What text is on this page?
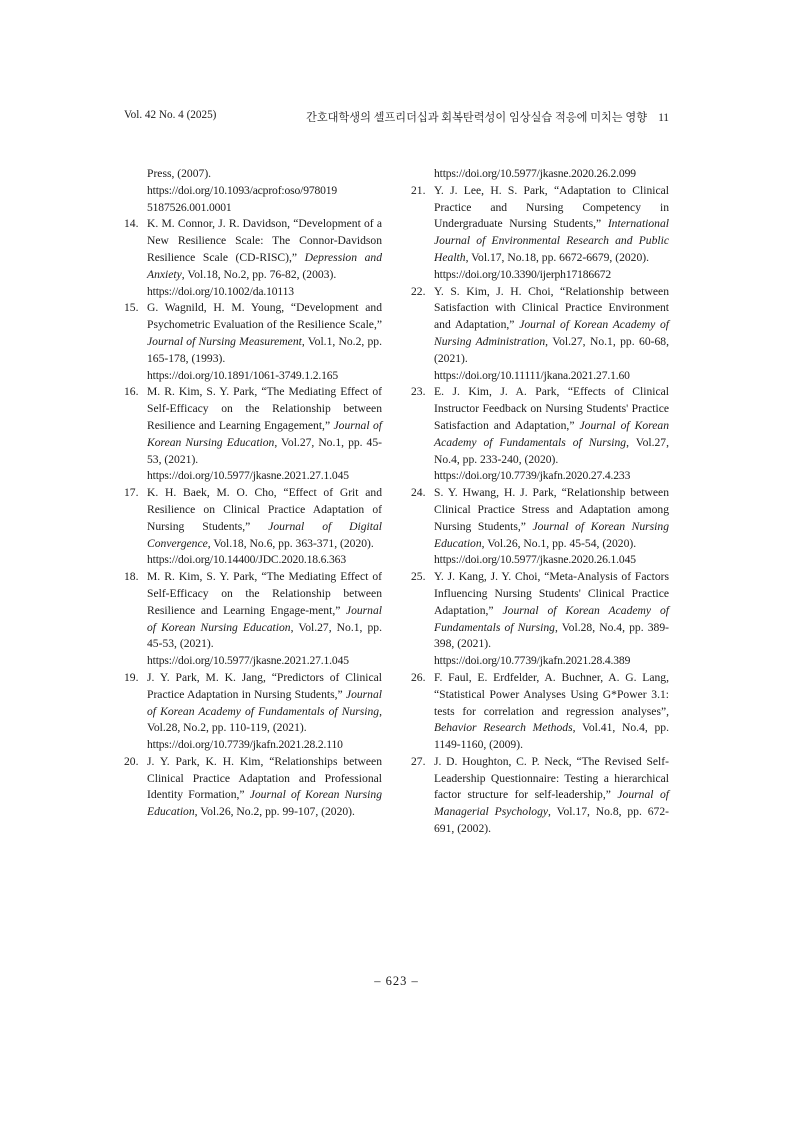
Vol. 42 No. 4 (2025)	간호대학생의 셀프리더십과 회복탄력성이 임상실습 적응에 미치는 영향 11
Press, (2007).
https://doi.org/10.1093/acprof:oso/978019 5187526.001.0001
14. K. M. Connor, J. R. Davidson, “Development of a New Resilience Scale: The Connor-Davidson Resilience Scale (CD-RISC),” Depression and Anxiety, Vol.18, No.2, pp. 76-82, (2003).
https://doi.org/10.1002/da.10113
15. G. Wagnild, H. M. Young, “Development and Psychometric Evaluation of the Resilience Scale,” Journal of Nursing Measurement, Vol.1, No.2, pp. 165-178, (1993).
https://doi.org/10.1891/1061-3749.1.2.165
16. M. R. Kim, S. Y. Park, “The Mediating Effect of Self-Efficacy on the Relationship between Resilience and Learning Engagement,” Journal of Korean Nursing Education, Vol.27, No.1, pp. 45-53, (2021).
https://doi.org/10.5977/jkasne.2021.27.1.045
17. K. H. Baek, M. O. Cho, “Effect of Grit and Resilience on Clinical Practice Adaptation of Nursing Students,” Journal of Digital Convergence, Vol.18, No.6, pp. 363-371, (2020).
https://doi.org/10.14400/JDC.2020.18.6.363
18. M. R. Kim, S. Y. Park, “The Mediating Effect of Self-Efficacy on the Relationship between Resilience and Learning Engage-ment,” Journal of Korean Nursing Education, Vol.27, No.1, pp. 45-53, (2021).
https://doi.org/10.5977/jkasne.2021.27.1.045
19. J. Y. Park, M. K. Jang, “Predictors of Clinical Practice Adaptation in Nursing Students,” Journal of Korean Academy of Fundamentals of Nursing, Vol.28, No.2, pp. 110-119, (2021).
https://doi.org/10.7739/jkafn.2021.28.2.110
20. J. Y. Park, K. H. Kim, “Relationships between Clinical Practice Adaptation and Professional Identity Formation,” Journal of Korean Nursing Education, Vol.26, No.2, pp. 99-107, (2020).
https://doi.org/10.5977/jkasne.2020.26.2.099
21. Y. J. Lee, H. S. Park, “Adaptation to Clinical Practice and Nursing Competency in Undergraduate Nursing Students,” International Journal of Environmental Research and Public Health, Vol.17, No.18, pp. 6672-6679, (2020).
https://doi.org/10.3390/ijerph17186672
22. Y. S. Kim, J. H. Choi, “Relationship between Satisfaction with Clinical Practice Environment and Adaptation,” Journal of Korean Academy of Nursing Administration, Vol.27, No.1, pp. 60-68, (2021).
https://doi.org/10.11111/jkana.2021.27.1.60
23. E. J. Kim, J. A. Park, “Effects of Clinical Instructor Feedback on Nursing Students' Practice Satisfaction and Adaptation,” Journal of Korean Academy of Fundamentals of Nursing, Vol.27, No.4, pp. 233-240, (2020).
https://doi.org/10.7739/jkafn.2020.27.4.233
24. S. Y. Hwang, H. J. Park, “Relationship between Clinical Practice Stress and Adaptation among Nursing Students,” Journal of Korean Nursing Education, Vol.26, No.1, pp. 45-54, (2020).
https://doi.org/10.5977/jkasne.2020.26.1.045
25. Y. J. Kang, J. Y. Choi, “Meta-Analysis of Factors Influencing Nursing Students' Clinical Practice Adaptation,” Journal of Korean Academy of Fundamentals of Nursing, Vol.28, No.4, pp. 389-398, (2021).
https://doi.org/10.7739/jkafn.2021.28.4.389
26. F. Faul, E. Erdfelder, A. Buchner, A. G. Lang, “Statistical Power Analyses Using G*Power 3.1: tests for correlation and regression analyses”, Behavior Research Methods, Vol.41, No.4, pp. 1149-1160, (2009).
27. J. D. Houghton, C. P. Neck, “The Revised Self-Leadership Questionnaire: Testing a hierarchical factor structure for self-leadership,” Journal of Managerial Psychology, Vol.17, No.8, pp. 672-691, (2002).
– 623 –
